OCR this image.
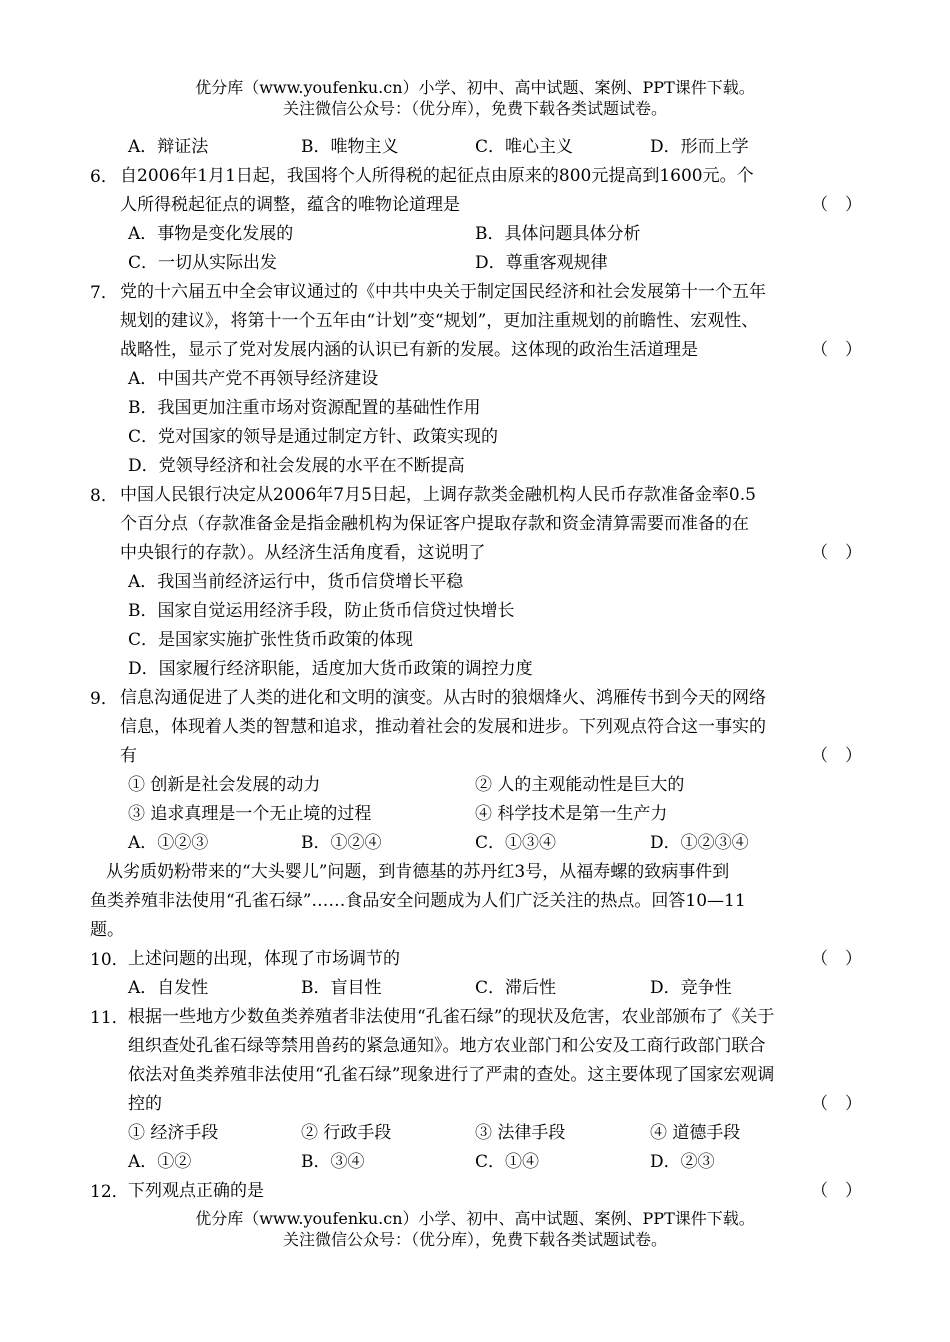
优分库（www.youfenku.cn）小学、初中、高中试题、案例、PPT课件下载。
关注微信公众号：（优分库），免费下载各类试题试卷。
A．辩证法	B．唯物主义	C．唯心主义	D．形而上学
6． 自2006年1月1日起，我国将个人所得税的起征点由原来的800元提高到1600元。个
人所得税起征点的调整，蕴含的唯物论道理是	（　）
A．事物是变化发展的	B．具体问题具体分析
C．一切从实际出发	D．尊重客观规律
7． 党的十六届五中全会审议通过的《中共中央关于制定国民经济和社会发展第十一个五年
规划的建议》，将第十一个五年由“计划”变“规划”，更加注重规划的前瞻性、宏观性、
战略性，显示了党对发展内涵的认识已有新的发展。这体现的政治生活道理是	（　）
A．中国共产党不再领导经济建设
B．我国更加注重市场对资源配置的基础性作用
C．党对国家的领导是通过制定方针、政策实现的
D．党领导经济和社会发展的水平在不断提高
8． 中国人民银行决定从2006年7月5日起，上调存款类金融机构人民币存款准备金率0.5
个百分点（存款准备金是指金融机构为保证客户提取存款和资金清算需要而准备的在
中央银行的存款）。从经济生活角度看，这说明了	（　）
A．我国当前经济运行中，货币信贷增长平稳
B．国家自觉运用经济手段，防止货币信贷过快增长
C．是国家实施扩张性货币政策的体现
D．国家履行经济职能，适度加大货币政策的调控力度
9． 信息沟通促进了人类的进化和文明的演变。从古时的狼烟烽火、鸿雁传书到今天的网络
信息，体现着人类的智慧和追求，推动着社会的发展和进步。下列观点符合这一事实的
有	（　）
① 创新是社会发展的动力	② 人的主观能动性是巨大的
③ 追求真理是一个无止境的过程	④ 科学技术是第一生产力
A．①②③	B．①②④	C．①③④	D．①②③④
从劣质奶粉带来的“大头婴儿”问题，到肯德基的苏丹红3号，从福寿螺的致病事件到
鱼类养殖非法使用“孔雀石绿”……食品安全问题成为人们广泛关注的热点。回答10—11
题。
10． 上述问题的出现，体现了市场调节的	（　）
A．自发性	B．盲目性	C．滞后性	D．竞争性
11． 根据一些地方少数鱼类养殖者非法使用“孔雀石绿”的现状及危害，农业部颁布了《关于
组织查处孔雀石绿等禁用兽药的紧急通知》。地方农业部门和公安及工商行政部门联合
依法对鱼类养殖非法使用“孔雀石绿”现象进行了严肃的查处。这主要体现了国家宏观调
控的	（　）
① 经济手段	② 行政手段	③ 法律手段	④ 道德手段
A．①②	B．③④	C．①④	D．②③
12． 下列观点正确的是	（　）
优分库（www.youfenku.cn）小学、初中、高中试题、案例、PPT课件下载。
关注微信公众号：（优分库），免费下载各类试题试卷。
